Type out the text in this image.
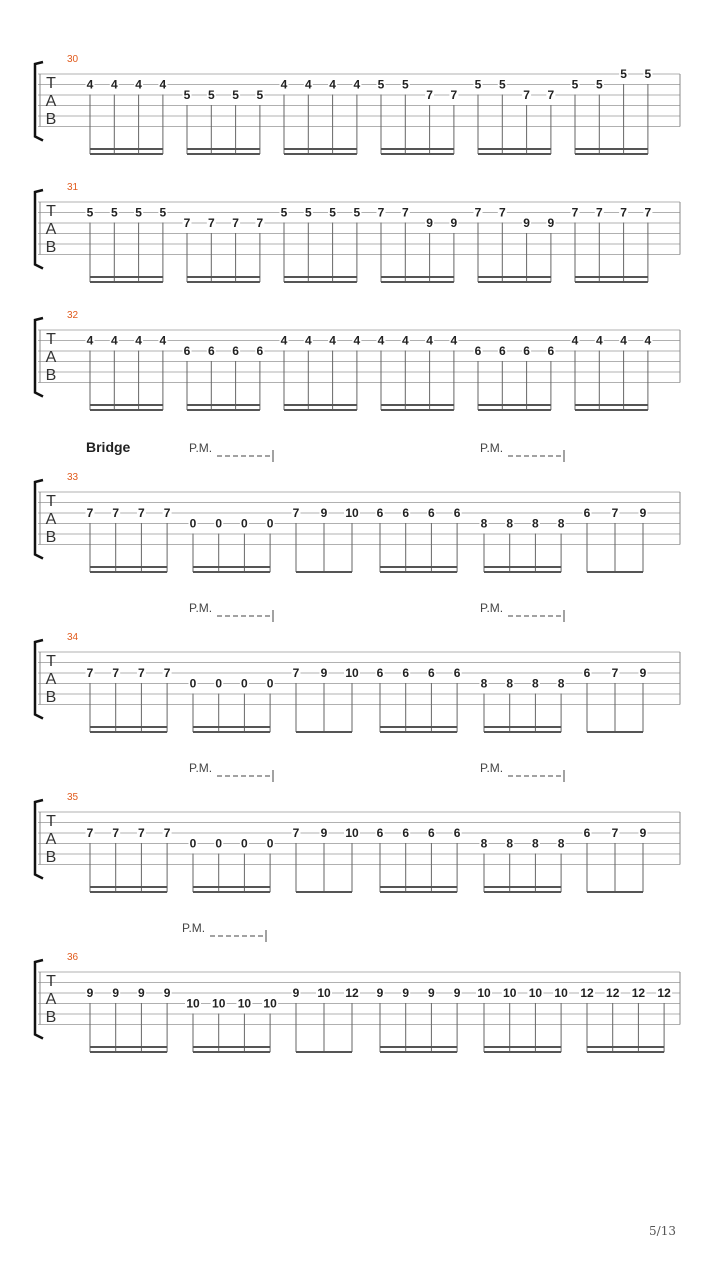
5/13
T
A
B
30
4 4 4 4
5 5 5 5
4 4 4 4 5 5
7 7
5 5
7 7
5 5
5 5
T
A
B
31
5 5 5 5
7 7 7 7
5 5 5 5 7 7
9 9
7 7
9 9
7 7 7 7
T
A
B
32
4 4 4 4
6 6 6 6
4 4 4 4 4 4 4 4
6 6 6 6
4 4 4 4
T
A
B
33
Bridge	P.M.	P.M.
7 7 7 7
0 0 0 0
7 9 10 6 6 6 6
8 8 8 8
6 7 9
T
A
B
34
P.M.	P.M.
7 7 7 7
0 0 0 0
7 9 10 6 6 6 6
8 8 8 8
6 7 9
T
A
B
35
P.M.	P.M.
7 7 7 7
0 0 0 0
7 9 10 6 6 6 6
8 8 8 8
6 7 9
T
A
B
36
P.M.
9 9 9 9
10 10 10 10
9 10 12 9 9 9 9 10 10 10 10 12 12 12 12
